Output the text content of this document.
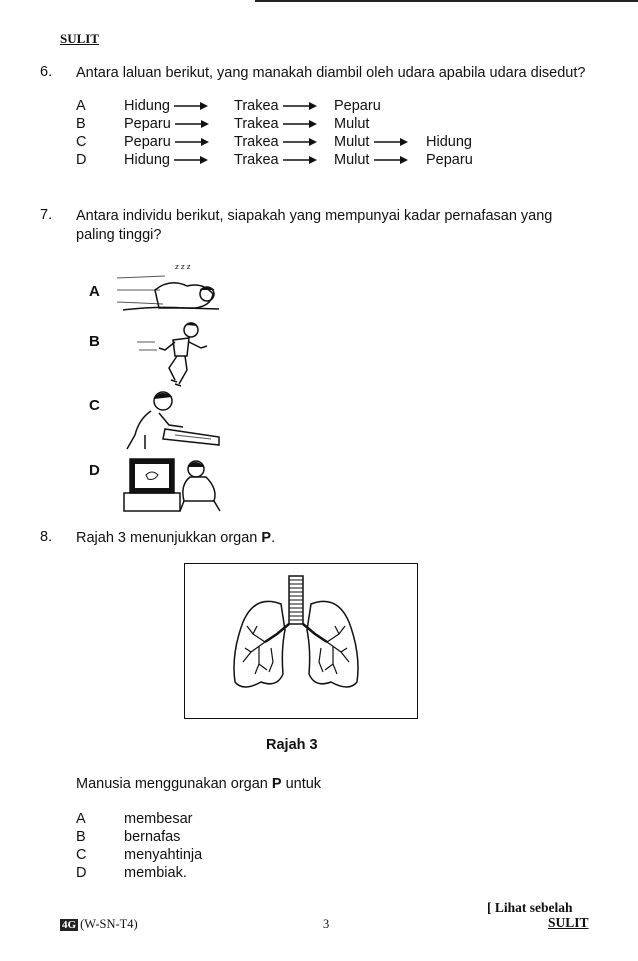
SULIT
6. Antara laluan berikut, yang manakah diambil oleh udara apabila udara disedut?
A	Hidung	Trakea	Peparu
B	Peparu	Trakea	Mulut
C	Peparu	Trakea	Mulut	Hidung
D	Hidung	Trakea	Mulut	Peparu
7. Antara individu berikut, siapakah yang mempunyai kadar pernafasan yang
paling tinggi?
A
z z z
B
C
D
8. Rajah 3 menunjukkan organ P.
Rajah 3
Manusia menggunakan organ P untuk
A	membesar
B	bernafas
C	menyahtinja
D	membiak.
4G (W-SN-T4)	3
[ Lihat sebelah
SULIT
